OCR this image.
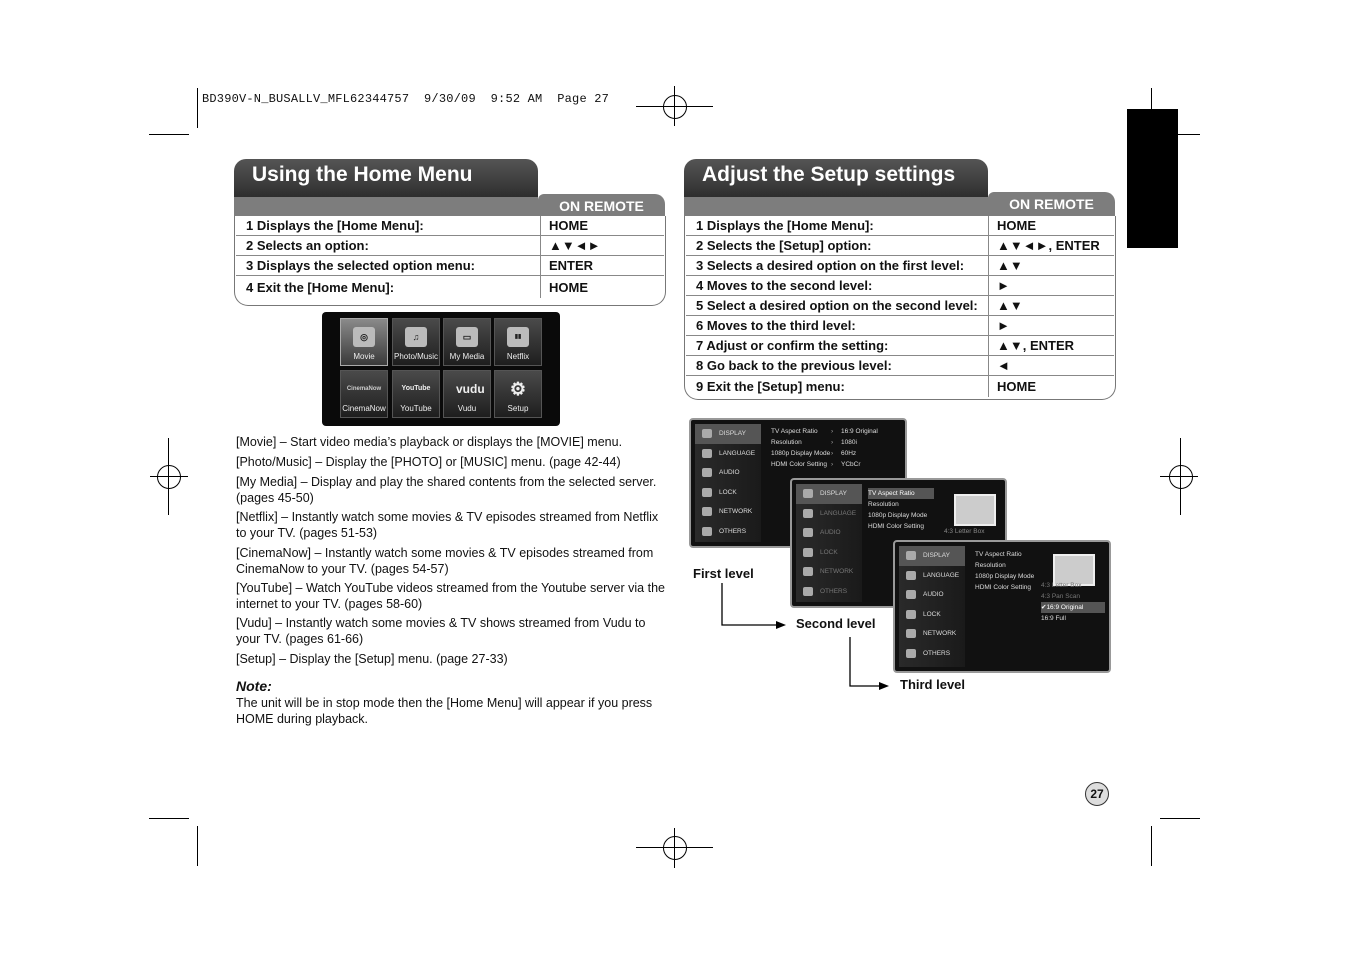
BD390V-N_BUSALLV_MFL62344757  9/30/09  9:52 AM  Page 27
Using the Home Menu
ON REMOTE
1 Displays the [Home Menu]:	HOME
2 Selects an option:	▲▼◄►
3 Displays the selected option menu:	ENTER
4 Exit the [Home Menu]:	HOME
◎
Movie
♫
Photo/Music
▭
My Media
▮▮
Netflix
CinemaNow
CinemaNow
YouTube
YouTube
vudu
Vudu
⚙
Setup
[Movie] – Start video media’s playback or displays the [MOVIE] menu.
[Photo/Music] – Display the [PHOTO] or [MUSIC] menu. (page 42-44)
[My Media] – Display and play the shared contents from the selected server. (pages 45-50)
[Netflix] – Instantly watch some movies & TV episodes streamed from Netflix to your TV. (pages 51-53)
[CinemaNow] – Instantly watch some movies & TV episodes streamed from CinemaNow to your TV. (pages 54-57)
[YouTube] – Watch YouTube videos streamed from the Youtube server via the internet to your TV. (pages 58-60)
[Vudu] – Instantly watch some movies & TV shows streamed from Vudu to your TV. (pages 61-66)
[Setup] – Display the [Setup] menu. (page 27-33)
Note:
The unit will be in stop mode then the [Home Menu] will appear if you press HOME during playback.
Adjust the Setup settings
ON REMOTE
1 Displays the [Home Menu]:	HOME
2 Selects the [Setup] option:	▲▼◄►, ENTER
3 Selects a desired option on the first level:	▲▼
4 Moves to the second level:	►
5 Select a desired option on the second level:	▲▼
6 Moves to the third level:	►
7 Adjust or confirm the setting:	▲▼, ENTER
8 Go back to the previous level:	◄
9 Exit the [Setup] menu:	HOME
DISPLAY
LANGUAGE
AUDIO
LOCK
NETWORK
OTHERS
TV Aspect Ratio
Resolution
1080p Display Mode
HDMI Color Setting
›
›
›
›
16:9 Original
1080i
60Hz
YCbCr
DISPLAY
LANGUAGE
AUDIO
LOCK
NETWORK
OTHERS
TV Aspect Ratio
Resolution
1080p Display Mode
HDMI Color Setting
4:3 Letter Box
DISPLAY
LANGUAGE
AUDIO
LOCK
NETWORK
OTHERS
TV Aspect Ratio
Resolution
1080p Display Mode
HDMI Color Setting	4:3 Letter Box
4:3 Pan Scan
✔16:9 Original
16:9 Full
First level
Second level
Third level
27
